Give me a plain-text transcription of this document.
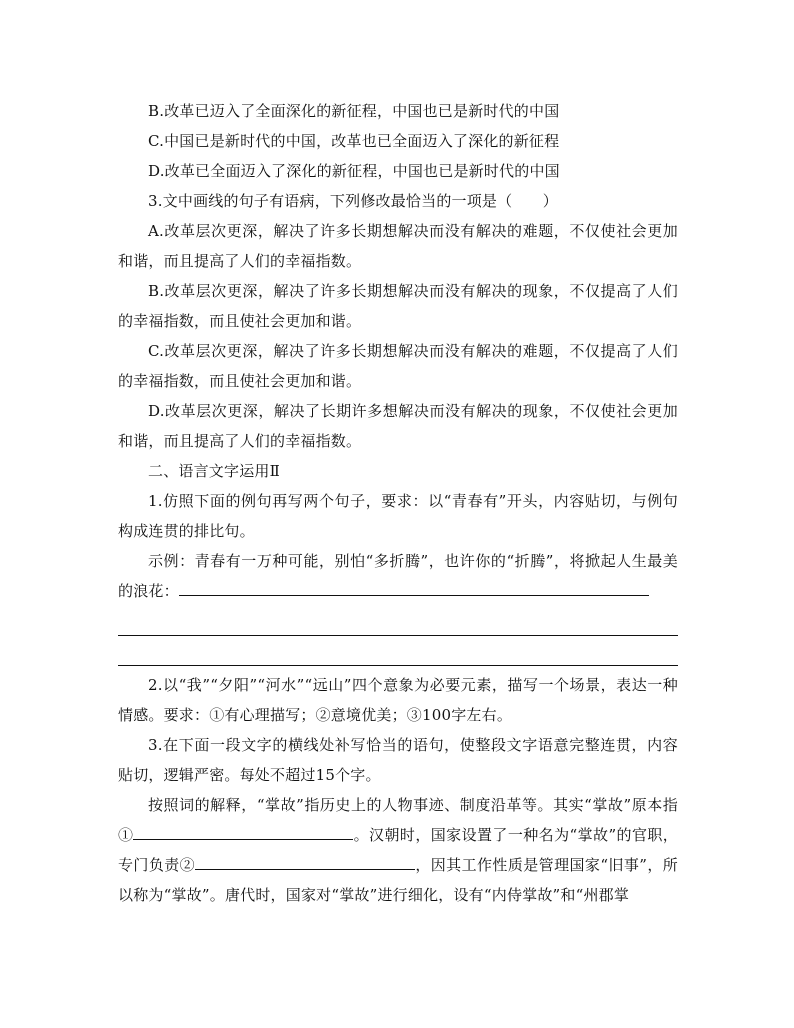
B.改革已迈入了全面深化的新征程，中国也已是新时代的中国

C.中国已是新时代的中国，改革也已全面迈入了深化的新征程

D.改革已全面迈入了深化的新征程，中国也已是新时代的中国

3.文中画线的句子有语病，下列修改最恰当的一项是（　　）

A.改革层次更深，解决了许多长期想解决而没有解决的难题，不仅使社会更加和谐，而且提高了人们的幸福指数。

B.改革层次更深，解决了许多长期想解决而没有解决的现象，不仅提高了人们的幸福指数，而且使社会更加和谐。

C.改革层次更深，解决了许多长期想解决而没有解决的难题，不仅提高了人们的幸福指数，而且使社会更加和谐。

D.改革层次更深，解决了长期许多想解决而没有解决的现象，不仅使社会更加和谐，而且提高了人们的幸福指数。

二、语言文字运用Ⅱ

1.仿照下面的例句再写两个句子，要求：以“青春有”开头，内容贴切，与例句构成连贯的排比句。

示例：青春有一万种可能，别怕“多折腾”，也许你的“折腾”，将掀起人生最美的浪花：

2.以“我”“夕阳”“河水”“远山”四个意象为必要元素，描写一个场景，表达一种情感。要求：①有心理描写；②意境优美；③100字左右。

3.在下面一段文字的横线处补写恰当的语句，使整段文字语意完整连贯，内容贴切，逻辑严密。每处不超过15个字。

按照词的解释，“掌故”指历史上的人物事迹、制度沿革等。其实“掌故”原本指①	。汉朝时，国家设置了一种名为“掌故”的官职，专门负责②	，因其工作性质是管理国家“旧事”，所以称为“掌故”。唐代时，国家对“掌故”进行细化，设有“内侍掌故”和“州郡掌
